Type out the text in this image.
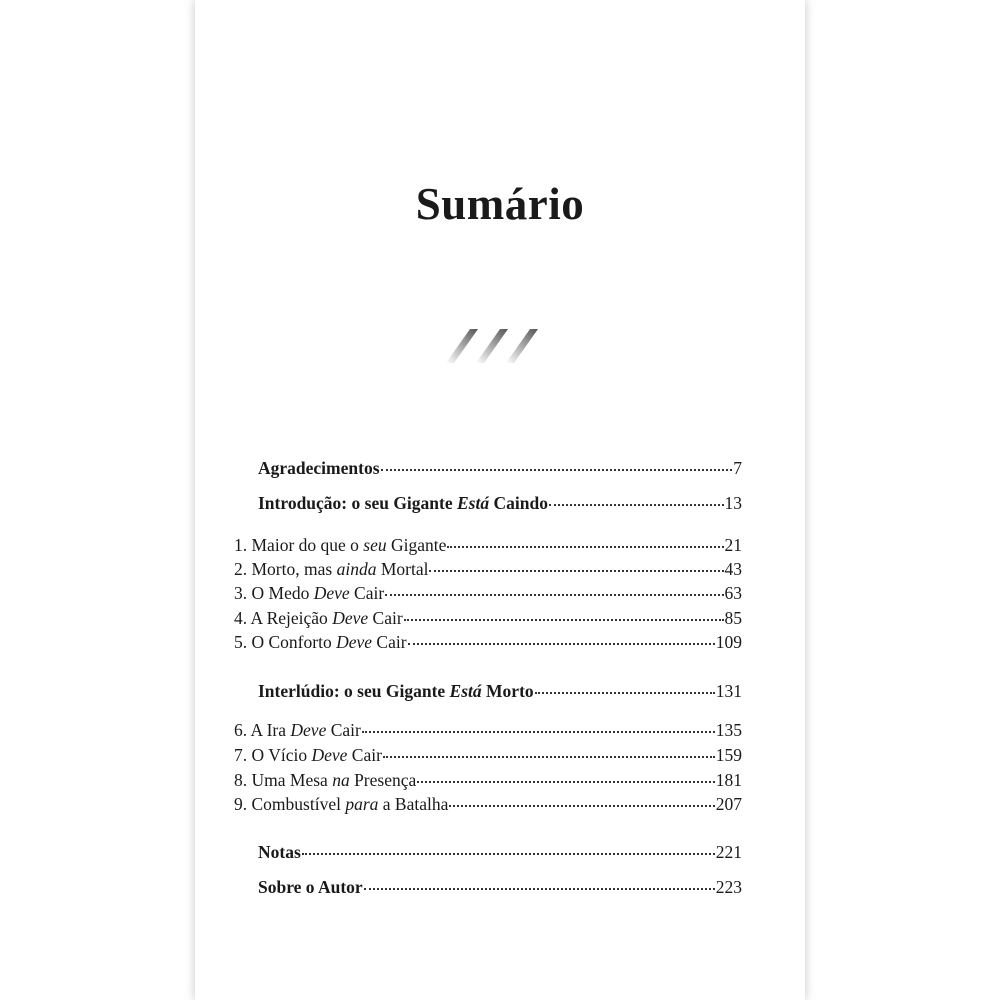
Sumário
Agradecimentos	7
Introdução: o seu Gigante Está Caindo	13
1. Maior do que o seu Gigante	21
2. Morto, mas ainda Mortal	43
3. O Medo Deve Cair	63
4. A Rejeição Deve Cair	85
5. O Conforto Deve Cair	109
Interlúdio: o seu Gigante Está Morto	131
6. A Ira Deve Cair	135
7. O Vício Deve Cair	159
8. Uma Mesa na Presença	181
9. Combustível para a Batalha	207
Notas	221
Sobre o Autor	223
